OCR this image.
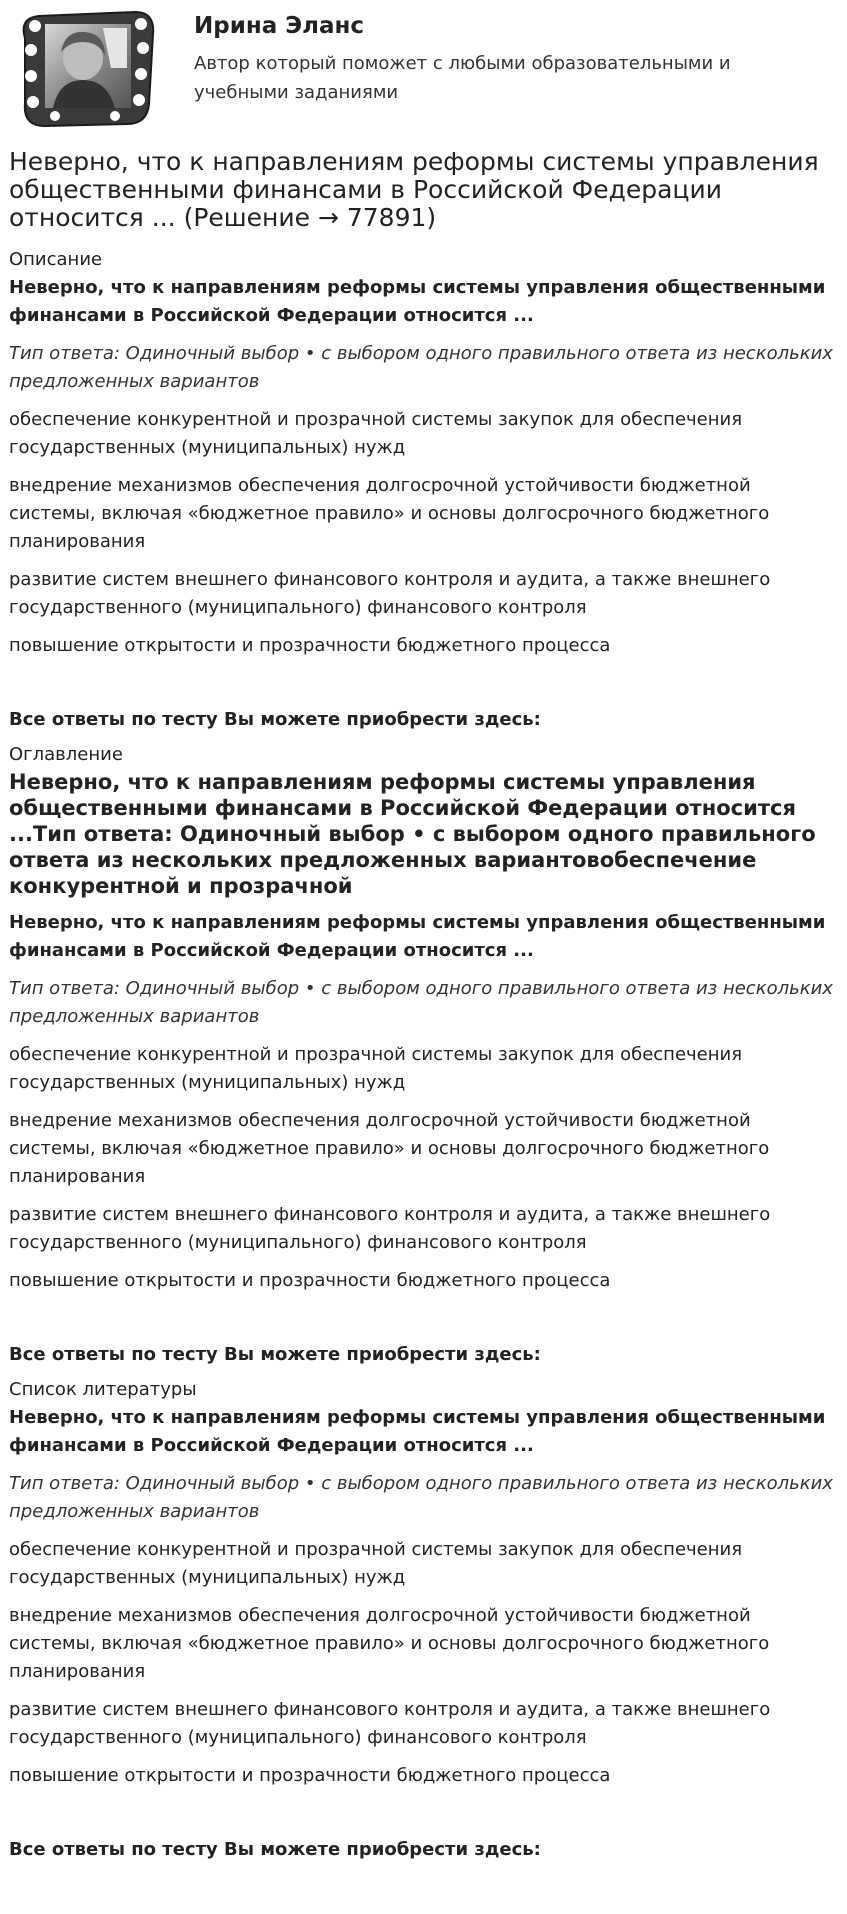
Ирина Эланс
Автор который поможет с любыми образовательными и учебными заданиями
Неверно, что к направлениям реформы системы управления общественными финансами в Российской Федерации относится ... (Решение → 77891)
Описание
Неверно, что к направлениям реформы системы управления общественными финансами в Российской Федерации относится ...
Тип ответа: Одиночный выбор • с выбором одного правильного ответа из нескольких предложенных вариантов
обеспечение конкурентной и прозрачной системы закупок для обеспечения государственных (муниципальных) нужд
внедрение механизмов обеспечения долгосрочной устойчивости бюджетной системы, включая «бюджетное правило» и основы долгосрочного бюджетного планирования
развитие систем внешнего финансового контроля и аудита, а также внешнего государственного (муниципального) финансового контроля
повышение открытости и прозрачности бюджетного процесса
Все ответы по тесту Вы можете приобрести здесь:
Оглавление
Неверно, что к направлениям реформы системы управления общественными финансами в Российской Федерации относится ...Тип ответа: Одиночный выбор • с выбором одного правильного ответа из нескольких предложенных вариантовобеспечение конкурентной и прозрачной
Неверно, что к направлениям реформы системы управления общественными финансами в Российской Федерации относится ...
Тип ответа: Одиночный выбор • с выбором одного правильного ответа из нескольких предложенных вариантов
обеспечение конкурентной и прозрачной системы закупок для обеспечения государственных (муниципальных) нужд
внедрение механизмов обеспечения долгосрочной устойчивости бюджетной системы, включая «бюджетное правило» и основы долгосрочного бюджетного планирования
развитие систем внешнего финансового контроля и аудита, а также внешнего государственного (муниципального) финансового контроля
повышение открытости и прозрачности бюджетного процесса
Все ответы по тесту Вы можете приобрести здесь:
Список литературы
Неверно, что к направлениям реформы системы управления общественными финансами в Российской Федерации относится ...
Тип ответа: Одиночный выбор • с выбором одного правильного ответа из нескольких предложенных вариантов
обеспечение конкурентной и прозрачной системы закупок для обеспечения государственных (муниципальных) нужд
внедрение механизмов обеспечения долгосрочной устойчивости бюджетной системы, включая «бюджетное правило» и основы долгосрочного бюджетного планирования
развитие систем внешнего финансового контроля и аудита, а также внешнего государственного (муниципального) финансового контроля
повышение открытости и прозрачности бюджетного процесса
Все ответы по тесту Вы можете приобрести здесь:
